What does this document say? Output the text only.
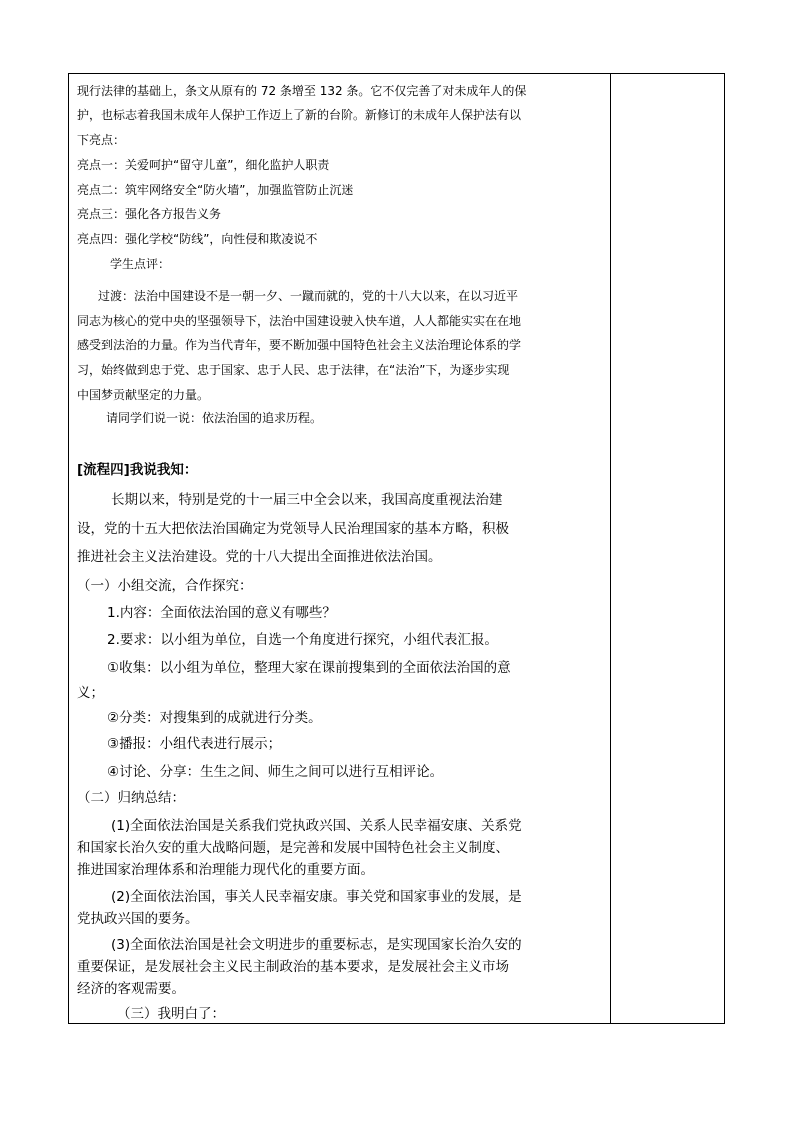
现行法律的基础上，条文从原有的 72 条增至 132 条。它不仅完善了对未成年人的保
护，也标志着我国未成年人保护工作迈上了新的台阶。新修订的未成年人保护法有以
下亮点：
亮点一：关爱呵护“留守儿童”，细化监护人职责
亮点二：筑牢网络安全“防火墙”，加强监管防止沉迷
亮点三：强化各方报告义务
亮点四：强化学校“防线”，向性侵和欺凌说不
学生点评：
过渡：法治中国建设不是一朝一夕、一蹴而就的，党的十八大以来，在以习近平
同志为核心的党中央的坚强领导下，法治中国建设驶入快车道，人人都能实实在在地
感受到法治的力量。作为当代青年，要不断加强中国特色社会主义法治理论体系的学
习，始终做到忠于党、忠于国家、忠于人民、忠于法律，在“法治”下，为逐步实现
中国梦贡献坚定的力量。
请同学们说一说：依法治国的追求历程。
[流程四]我说我知：
长期以来，特别是党的十一届三中全会以来，我国高度重视法治建
设，党的十五大把依法治国确定为党领导人民治理国家的基本方略，积极
推进社会主义法治建设。党的十八大提出全面推进依法治国。
（一）小组交流，合作探究：
1.内容：全面依法治国的意义有哪些？
2.要求：以小组为单位，自选一个角度进行探究，小组代表汇报。
①收集：以小组为单位，整理大家在课前搜集到的全面依法治国的意
义；
②分类：对搜集到的成就进行分类。
③播报：小组代表进行展示；
④讨论、分享：生生之间、师生之间可以进行互相评论。
（二）归纳总结：
(1)全面依法治国是关系我们党执政兴国、关系人民幸福安康、关系党
和国家长治久安的重大战略问题，是完善和发展中国特色社会主义制度、
推进国家治理体系和治理能力现代化的重要方面。
(2)全面依法治国，事关人民幸福安康。事关党和国家事业的发展，是
党执政兴国的要务。
(3)全面依法治国是社会文明进步的重要标志，是实现国家长治久安的
重要保证，是发展社会主义民主制政治的基本要求，是发展社会主义市场
经济的客观需要。
（三）我明白了：
